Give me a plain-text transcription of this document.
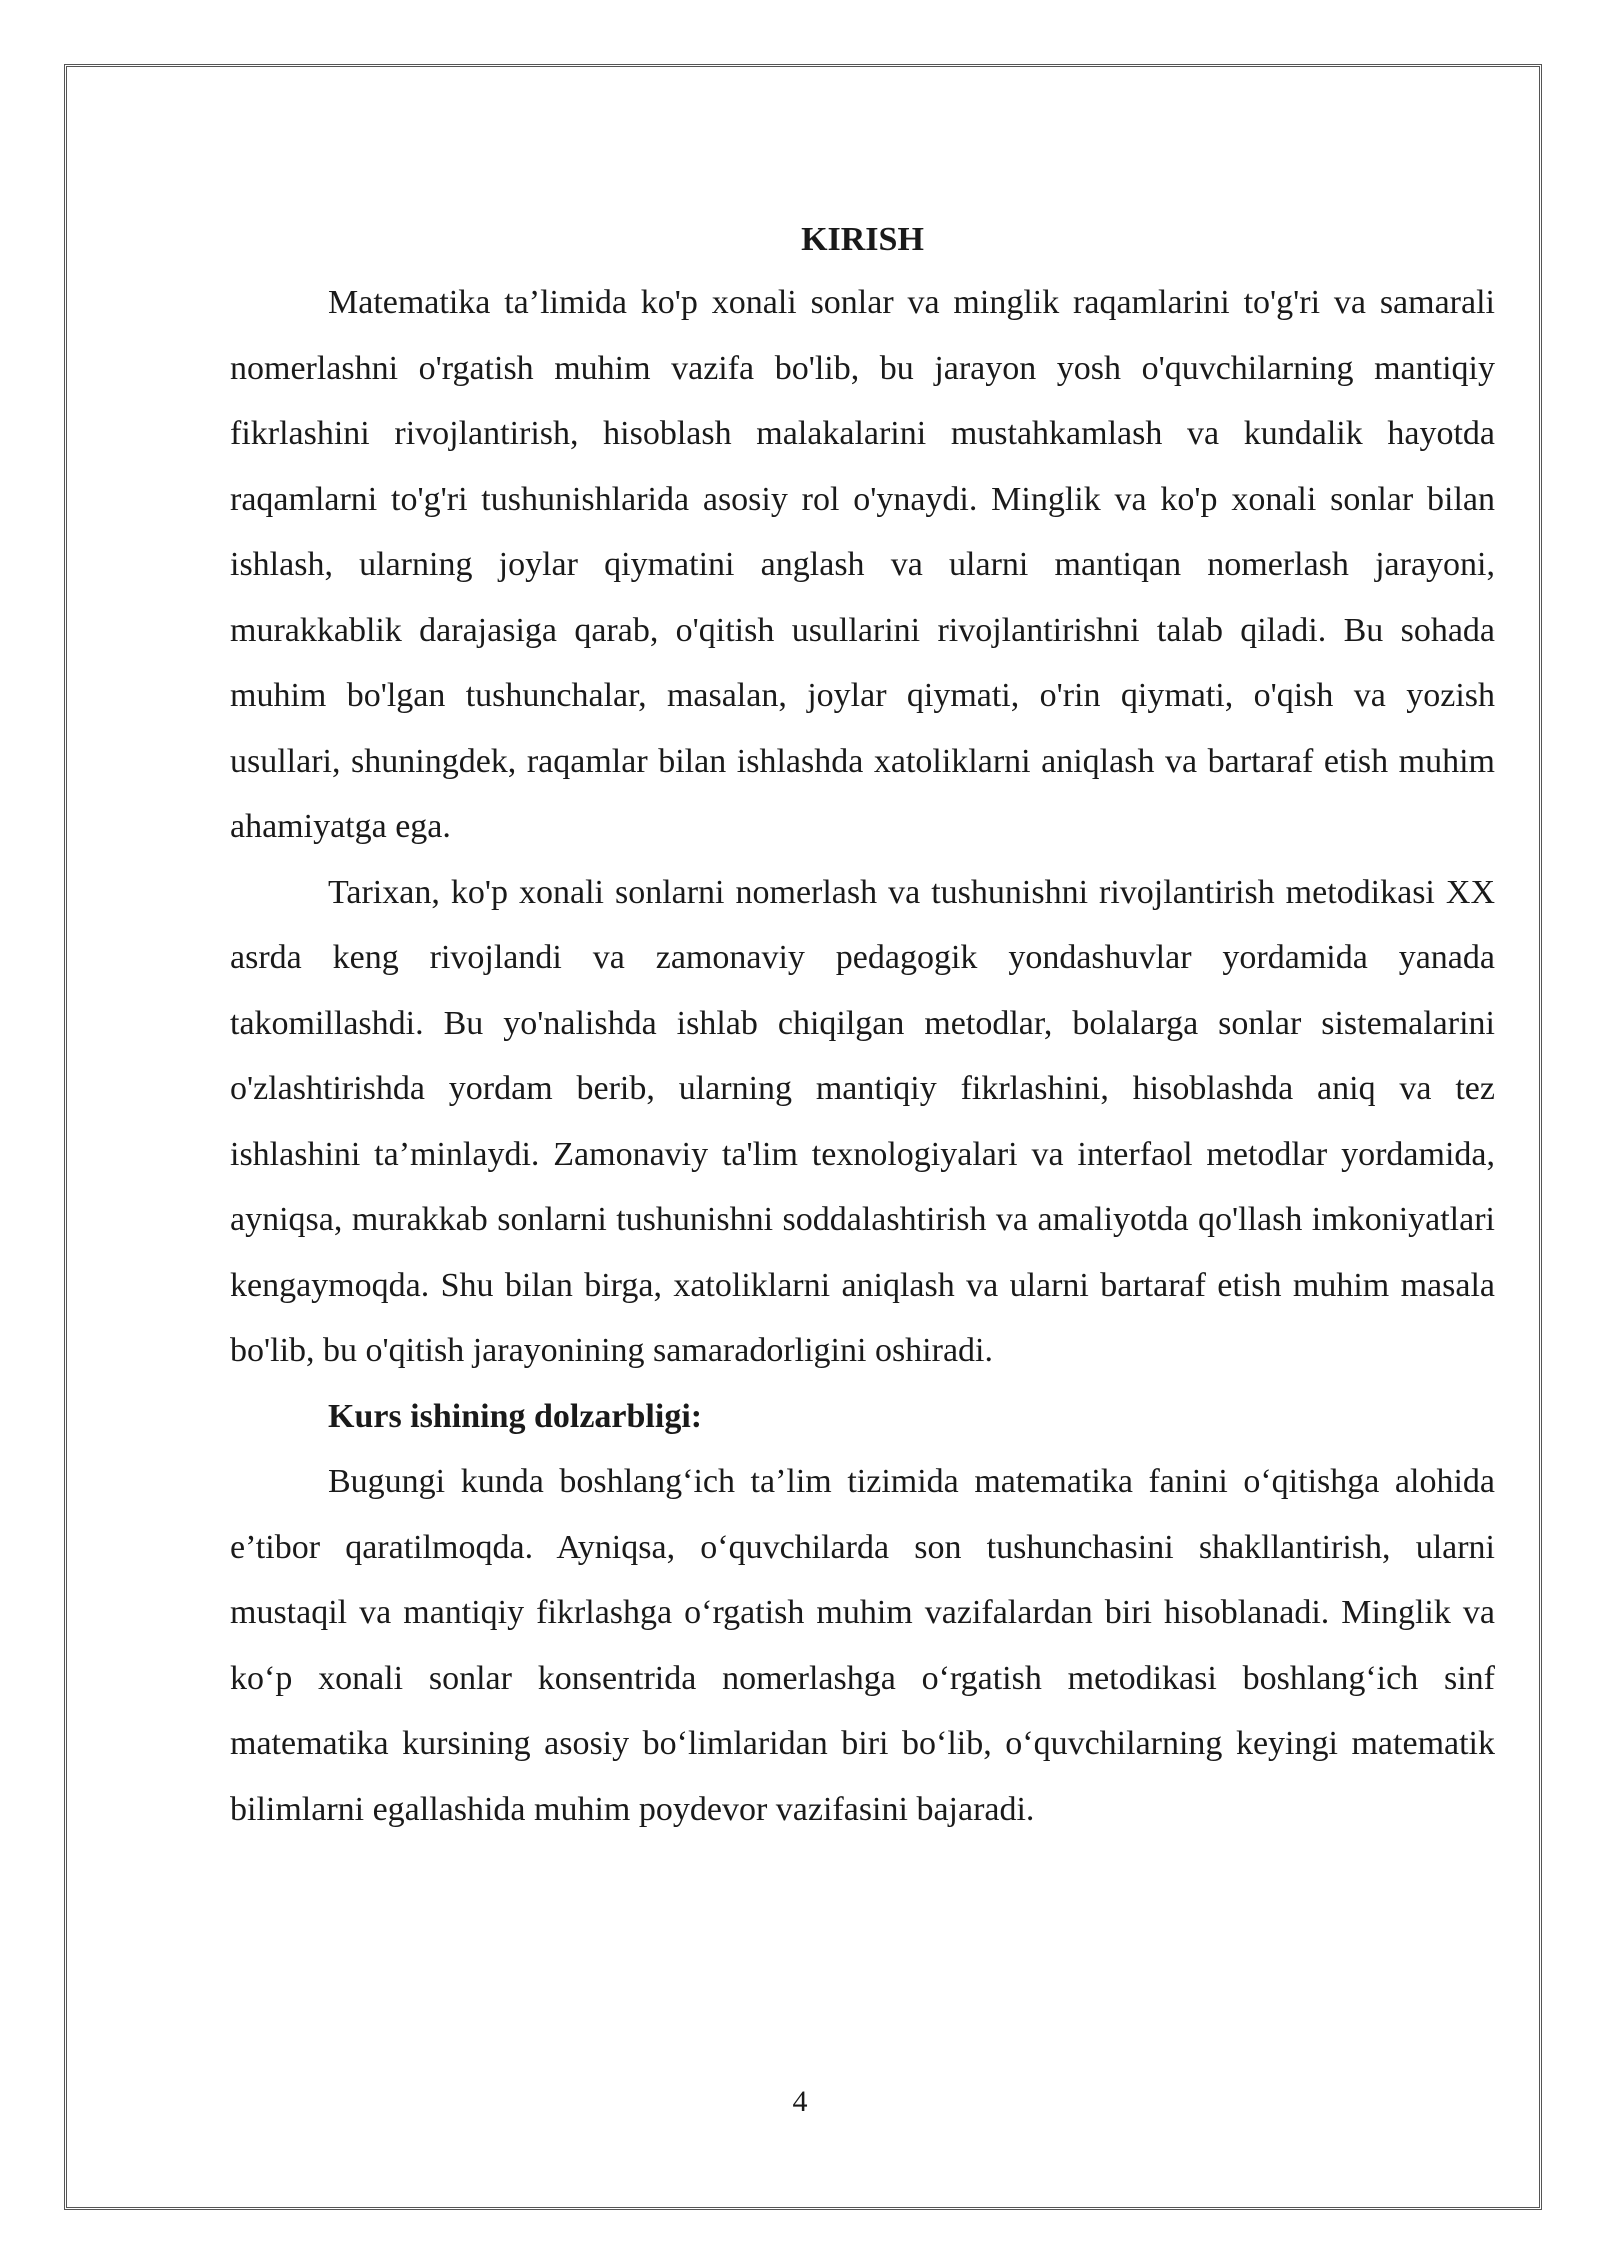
KIRISH

Matematika ta’limida ko'p xonali sonlar va minglik raqamlarini to'g'ri va samarali nomerlashni o'rgatish muhim vazifa bo'lib, bu jarayon yosh o'quvchilarning mantiqiy fikrlashini rivojlantirish, hisoblash malakalarini mustahkamlash va kundalik hayotda raqamlarni to'g'ri tushunishlarida asosiy rol o'ynaydi. Minglik va ko'p xonali sonlar bilan ishlash, ularning joylar qiymatini anglash va ularni mantiqan nomerlash jarayoni, murakkablik darajasiga qarab, o'qitish usullarini rivojlantirishni talab qiladi. Bu sohada muhim bo'lgan tushunchalar, masalan, joylar qiymati, o'rin qiymati, o'qish va yozish usullari, shuningdek, raqamlar bilan ishlashda xatoliklarni aniqlash va bartaraf etish muhim ahamiyatga ega.

Tarixan, ko'p xonali sonlarni nomerlash va tushunishni rivojlantirish metodikasi XX asrda keng rivojlandi va zamonaviy pedagogik yondashuvlar yordamida yanada takomillashdi. Bu yo'nalishda ishlab chiqilgan metodlar, bolalarga sonlar sistemalarini o'zlashtirishda yordam berib, ularning mantiqiy fikrlashini, hisoblashda aniq va tez ishlashini ta’minlaydi. Zamonaviy ta'lim texnologiyalari va interfaol metodlar yordamida, ayniqsa, murakkab sonlarni tushunishni soddalashtirish va amaliyotda qo'llash imkoniyatlari kengaymoqda. Shu bilan birga, xatoliklarni aniqlash va ularni bartaraf etish muhim masala bo'lib, bu o'qitish jarayonining samaradorligini oshiradi.

Kurs ishining dolzarbligi:

Bugungi kunda boshlang‘ich ta’lim tizimida matematika fanini o‘qitishga alohida e’tibor qaratilmoqda. Ayniqsa, o‘quvchilarda son tushunchasini shakllantirish, ularni mustaqil va mantiqiy fikrlashga o‘rgatish muhim vazifalardan biri hisoblanadi. Minglik va ko‘p xonali sonlar konsentrida nomerlashga o‘rgatish metodikasi boshlang‘ich sinf matematika kursining asosiy bo‘limlaridan biri bo‘lib, o‘quvchilarning keyingi matematik bilimlarni egallashida muhim poydevor vazifasini bajaradi.

4
